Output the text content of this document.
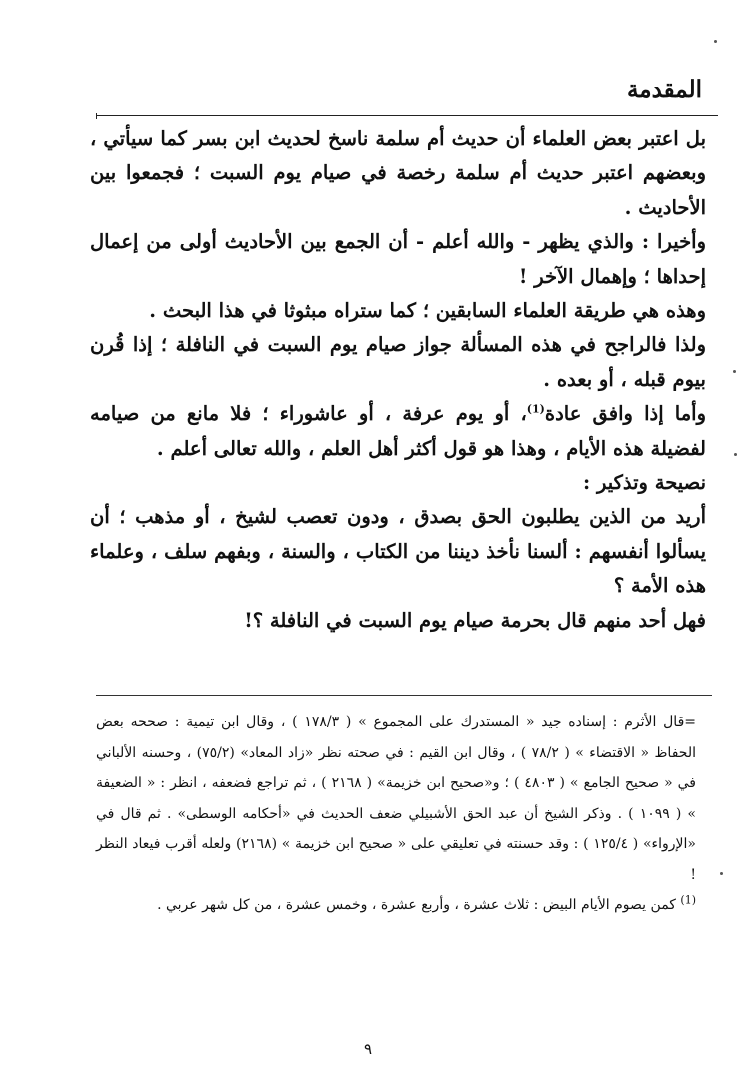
المقدمة

بل اعتبر بعض العلماء أن حديث أم سلمة ناسخ لحديث ابن بسر كما سيأتي ، وبعضهم اعتبر حديث أم سلمة رخصة في صيام يوم السبت ؛ فجمعوا بين الأحاديث .

وأخيرا : والذي يظهر - والله أعلم - أن الجمع بين الأحاديث أولى من إعمال إحداها ؛ وإهمال الآخر !

وهذه هي طريقة العلماء السابقين ؛ كما ستراه مبثوثا في هذا البحث .

ولذا فالراجح في هذه المسألة جواز صيام يوم السبت في النافلة ؛ إذا قُرن بيوم قبله ، أو بعده .

وأما إذا وافق عادة$^{(1)}$، أو يوم عرفة ، أو عاشوراء ؛ فلا مانع من صيامه لفضيلة هذه الأيام ، وهذا هو قول أكثر أهل العلم ، والله تعالى أعلم .

نصيحة وتذكير :

أريد من الذين يطلبون الحق بصدق ، ودون تعصب لشيخ ، أو مذهب ؛ أن يسألوا أنفسهم : ألسنا نأخذ ديننا من الكتاب ، والسنة ، وبفهم سلف ، وعلماء هذه الأمة ؟

فهل أحد منهم قال بحرمة صيام يوم السبت في النافلة ؟!

=قال الأثرم : إسناده جيد « المستدرك على المجموع » ( ١٧٨/٣ ) ، وقال ابن تيمية : صححه بعض الحفاظ « الاقتضاء » ( ٧٨/٢ ) ، وقال ابن القيم : في صحته نظر «زاد المعاد» (٧٥/٢) ، وحسنه الألباني في « صحيح الجامع » ( ٤٨٠٣ ) ؛ و«صحيح ابن خزيمة» ( ٢١٦٨ ) ، ثم تراجع فضعفه ، انظر : « الضعيفة » ( ١٠٩٩ ) . وذكر الشيخ أن عبد الحق الأشبيلي ضعف الحديث في «أحكامه الوسطى» . ثم قال في «الإرواء» ( ١٢٥/٤ ) : وقد حسنته في تعليقي على « صحيح ابن خزيمة » (٢١٦٨) ولعله أقرب فيعاد النظر !

$^{(1)}$ كمن يصوم الأيام البيض : ثلاث عشرة ، وأربع عشرة ، وخمس عشرة ، من كل شهر عربي .

٩
